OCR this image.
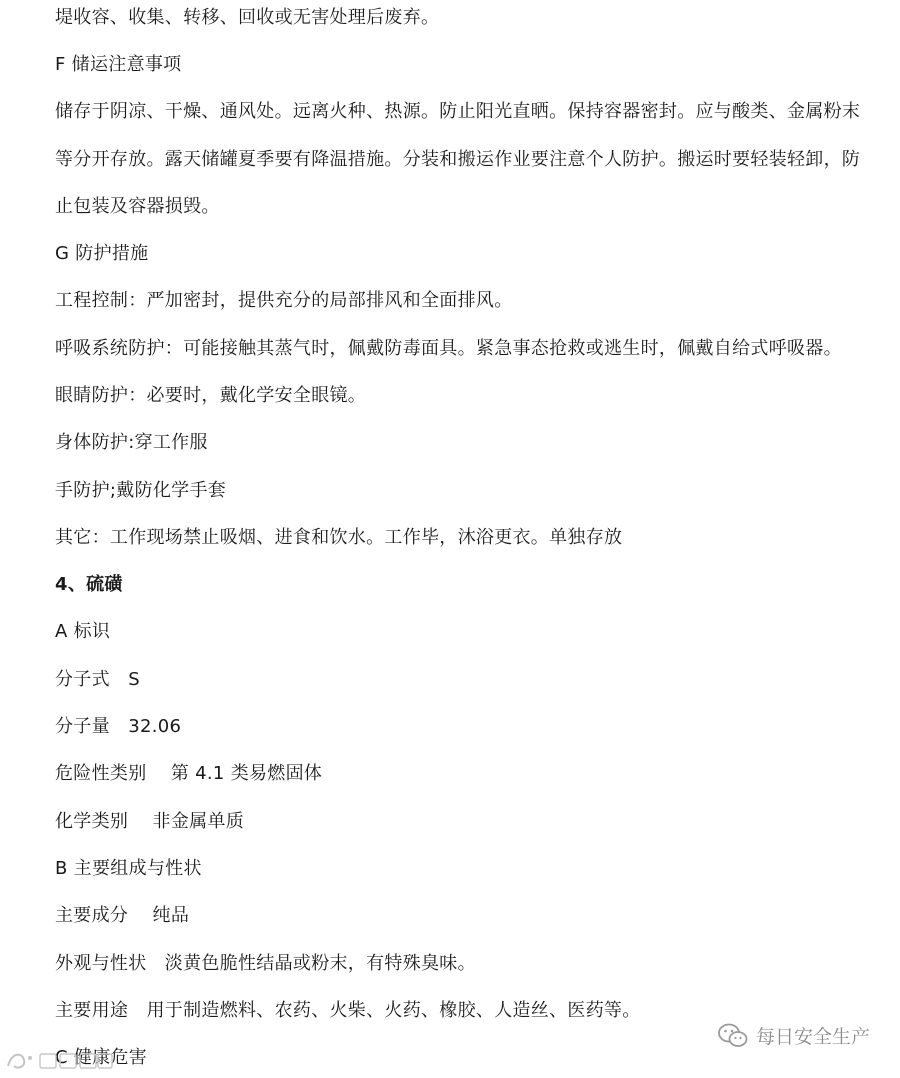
堤收容、收集、转移、回收或无害处理后废弃。
F 储运注意事项
储存于阴凉、干燥、通风处。远离火种、热源。防止阳光直晒。保持容器密封。应与酸类、金属粉末
等分开存放。露天储罐夏季要有降温措施。分装和搬运作业要注意个人防护。搬运时要轻装轻卸，防
止包装及容器损毁。
G 防护措施
工程控制：严加密封，提供充分的局部排风和全面排风。
呼吸系统防护：可能接触其蒸气时，佩戴防毒面具。紧急事态抢救或逃生时，佩戴自给式呼吸器。
眼睛防护：必要时，戴化学安全眼镜。
身体防护:穿工作服
手防护;戴防化学手套
其它：工作现场禁止吸烟、进食和饮水。工作毕，沐浴更衣。单独存放
4、硫磺
A 标识
分子式　S
分子量　32.06
危险性类别　 第 4.1 类易燃固体
化学类别　 非金属单质
B 主要组成与性状
主要成分　 纯品
外观与性状　淡黄色脆性结晶或粉末，有特殊臭味。
主要用途　用于制造燃料、农药、火柴、火药、橡胶、人造丝、医药等。
C 健康危害
每日安全生产
